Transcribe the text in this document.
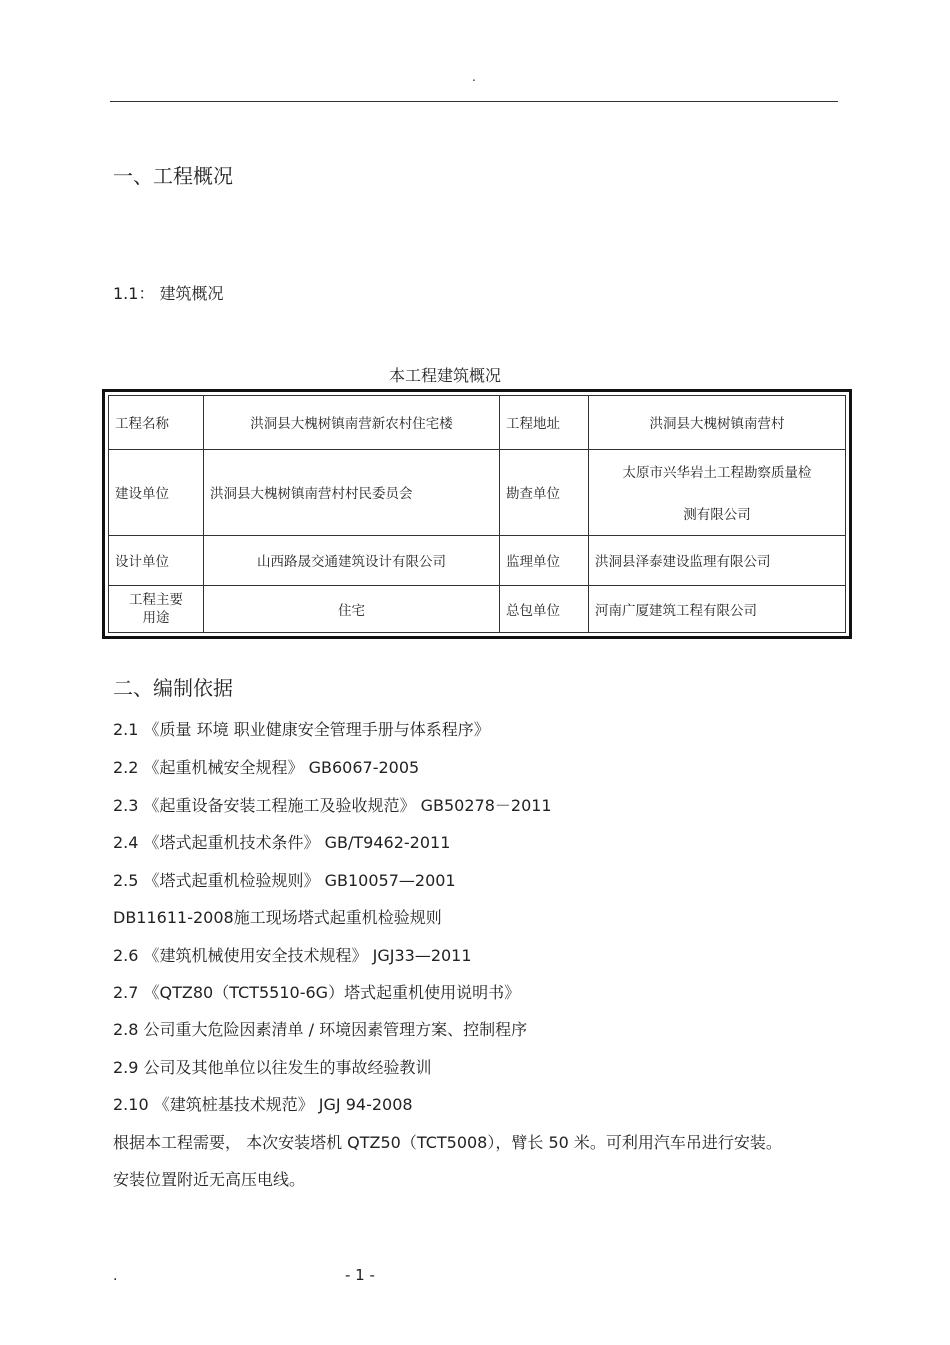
.
一、工程概况
1.1： 建筑概况
本工程建筑概况
工程名称	洪洞县大槐树镇南营新农村住宅楼	工程地址	洪洞县大槐树镇南营村
建设单位	洪洞县大槐树镇南营村村民委员会	勘查单位	太原市兴华岩土工程勘察质量检
测有限公司

设计单位	山西路晟交通建筑设计有限公司	监理单位	洪洞县泽泰建设监理有限公司

工程主要
用途	住宅	总包单位	河南广厦建筑工程有限公司
二、编制依据
2.1 《质量 环境 职业健康安全管理手册与体系程序》
2.2 《起重机械安全规程》 GB6067-2005
2.3 《起重设备安装工程施工及验收规范》 GB50278－2011
2.4 《塔式起重机技术条件》 GB/T9462-2011
2.5 《塔式起重机检验规则》 GB10057—2001
DB11611-2008施工现场塔式起重机检验规则
2.6 《建筑机械使用安全技术规程》 JGJ33—2011
2.7 《QTZ80（TCT5510-6G）塔式起重机使用说明书》
2.8 公司重大危险因素清单 / 环境因素管理方案、控制程序
2.9 公司及其他单位以往发生的事故经验教训
2.10 《建筑桩基技术规范》 JGJ 94-2008
根据本工程需要， 本次安装塔机 QTZ50（TCT5008），臂长 50 米。可利用汽车吊进行安装。
安装位置附近无高压电线。
.	- 1 -
